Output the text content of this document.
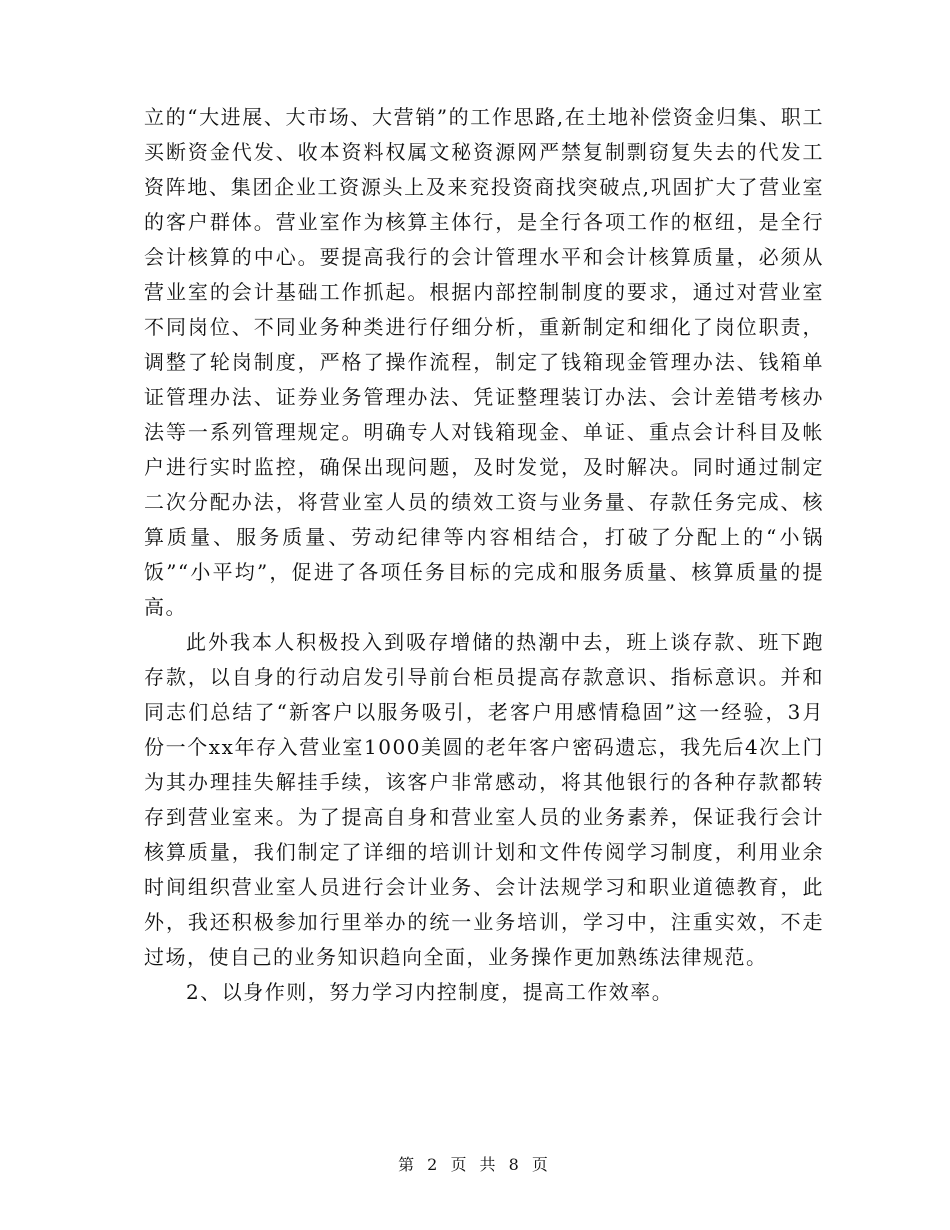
立的“大进展、大市场、大营销”的工作思路,在土地补偿资金归集、职工买断资金代发、收本资料权属文秘资源网严禁复制剽窃复失去的代发工资阵地、集团企业工资源头上及来兖投资商找突破点,巩固扩大了营业室的客户群体。营业室作为核算主体行，是全行各项工作的枢纽，是全行会计核算的中心。要提高我行的会计管理水平和会计核算质量，必须从营业室的会计基础工作抓起。根据内部控制制度的要求，通过对营业室不同岗位、不同业务种类进行仔细分析，重新制定和细化了岗位职责，调整了轮岗制度，严格了操作流程，制定了钱箱现金管理办法、钱箱单证管理办法、证券业务管理办法、凭证整理装订办法、会计差错考核办法等一系列管理规定。明确专人对钱箱现金、单证、重点会计科目及帐户进行实时监控，确保出现问题，及时发觉，及时解决。同时通过制定二次分配办法，将营业室人员的绩效工资与业务量、存款任务完成、核算质量、服务质量、劳动纪律等内容相结合，打破了分配上的“小锅饭”“小平均”，促进了各项任务目标的完成和服务质量、核算质量的提高。

此外我本人积极投入到吸存增储的热潮中去，班上谈存款、班下跑存款，以自身的行动启发引导前台柜员提高存款意识、指标意识。并和同志们总结了“新客户以服务吸引，老客户用感情稳固”这一经验，3月份一个xx年存入营业室1000美圆的老年客户密码遗忘，我先后4次上门为其办理挂失解挂手续，该客户非常感动，将其他银行的各种存款都转存到营业室来。为了提高自身和营业室人员的业务素养，保证我行会计核算质量，我们制定了详细的培训计划和文件传阅学习制度，利用业余时间组织营业室人员进行会计业务、会计法规学习和职业道德教育，此外，我还积极参加行里举办的统一业务培训，学习中，注重实效，不走过场，使自己的业务知识趋向全面，业务操作更加熟练法律规范。

2、以身作则，努力学习内控制度，提高工作效率。

第 2 页 共 8 页
